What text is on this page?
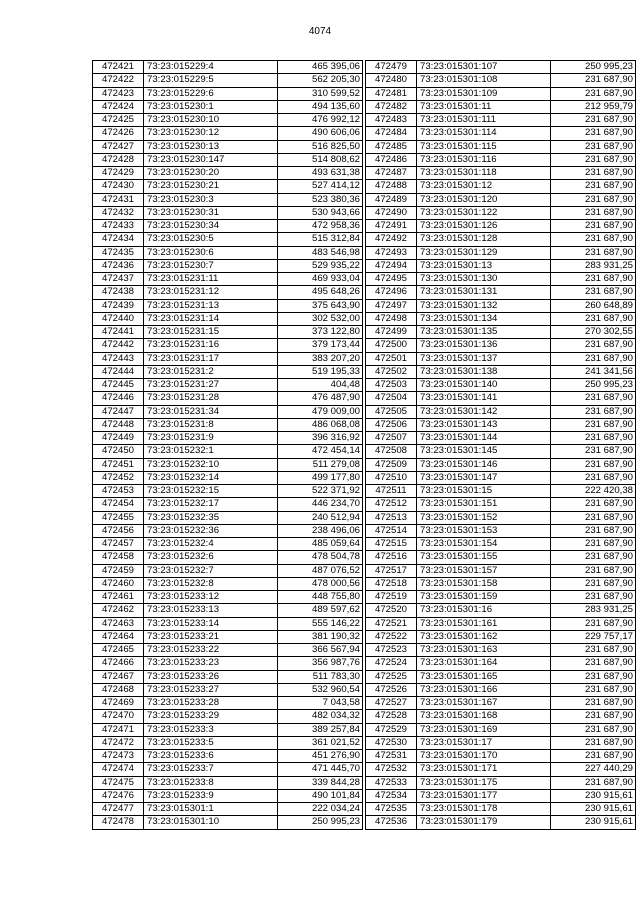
4074
472421	73:23:015229:4	465 395,06
472422	73:23:015229:5	562 205,30
472423	73:23:015229:6	310 599,52
472424	73:23:015230:1	494 135,60
472425	73:23:015230:10	476 992,12
472426	73:23:015230:12	490 606,06
472427	73:23:015230:13	516 825,50
472428	73:23:015230:147	514 808,62
472429	73:23:015230:20	493 631,38
472430	73:23:015230:21	527 414,12
472431	73:23:015230:3	523 380,36
472432	73:23:015230:31	530 943,66
472433	73:23:015230:34	472 958,36
472434	73:23:015230:5	515 312,84
472435	73:23:015230:6	483 546,98
472436	73:23:015230:7	529 935,22
472437	73:23:015231:11	469 933,04
472438	73:23:015231:12	495 648,26
472439	73:23:015231:13	375 643,90
472440	73:23:015231:14	302 532,00
472441	73:23:015231:15	373 122,80
472442	73:23:015231:16	379 173,44
472443	73:23:015231:17	383 207,20
472444	73:23:015231:2	519 195,33
472445	73:23:015231:27	404,48
472446	73:23:015231:28	476 487,90
472447	73:23:015231:34	479 009,00
472448	73:23:015231:8	486 068,08
472449	73:23:015231:9	396 316,92
472450	73:23:015232:1	472 454,14
472451	73:23:015232:10	511 279,08
472452	73:23:015232:14	499 177,80
472453	73:23:015232:15	522 371,92
472454	73:23:015232:17	446 234,70
472455	73:23:015232:35	240 512,94
472456	73:23:015232:36	238 496,06
472457	73:23:015232:4	485 059,64
472458	73:23:015232:6	478 504,78
472459	73:23:015232:7	487 076,52
472460	73:23:015232:8	478 000,56
472461	73:23:015233:12	448 755,80
472462	73:23:015233:13	489 597,62
472463	73:23:015233:14	555 146,22
472464	73:23:015233:21	381 190,32
472465	73:23:015233:22	366 567,94
472466	73:23:015233:23	356 987,76
472467	73:23:015233:26	511 783,30
472468	73:23:015233:27	532 960,54
472469	73:23:015233:28	7 043,58
472470	73:23:015233:29	482 034,32
472471	73:23:015233:3	389 257,84
472472	73:23:015233:5	361 021,52
472473	73:23:015233:6	451 276,90
472474	73:23:015233:7	471 445,70
472475	73:23:015233:8	339 844,28
472476	73:23:015233:9	490 101,84
472477	73:23:015301:1	222 034,24
472478	73:23:015301:10	250 995,23
472479	73:23:015301:107	250 995,23
472480	73:23:015301:108	231 687,90
472481	73:23:015301:109	231 687,90
472482	73:23:015301:11	212 959,79
472483	73:23:015301:111	231 687,90
472484	73:23:015301:114	231 687,90
472485	73:23:015301:115	231 687,90
472486	73:23:015301:116	231 687,90
472487	73:23:015301:118	231 687,90
472488	73:23:015301:12	231 687,90
472489	73:23:015301:120	231 687,90
472490	73:23:015301:122	231 687,90
472491	73:23:015301:126	231 687,90
472492	73:23:015301:128	231 687,90
472493	73:23:015301:129	231 687,90
472494	73:23:015301:13	283 931,25
472495	73:23:015301:130	231 687,90
472496	73:23:015301:131	231 687,90
472497	73:23:015301:132	260 648,89
472498	73:23:015301:134	231 687,90
472499	73:23:015301:135	270 302,55
472500	73:23:015301:136	231 687,90
472501	73:23:015301:137	231 687,90
472502	73:23:015301:138	241 341,56
472503	73:23:015301:140	250 995,23
472504	73:23:015301:141	231 687,90
472505	73:23:015301:142	231 687,90
472506	73:23:015301:143	231 687,90
472507	73:23:015301:144	231 687,90
472508	73:23:015301:145	231 687,90
472509	73:23:015301:146	231 687,90
472510	73:23:015301:147	231 687,90
472511	73:23:015301:15	222 420,38
472512	73:23:015301:151	231 687,90
472513	73:23:015301:152	231 687,90
472514	73:23:015301:153	231 687,90
472515	73:23:015301:154	231 687,90
472516	73:23:015301:155	231 687,90
472517	73:23:015301:157	231 687,90
472518	73:23:015301:158	231 687,90
472519	73:23:015301:159	231 687,90
472520	73:23:015301:16	283 931,25
472521	73:23:015301:161	231 687,90
472522	73:23:015301:162	229 757,17
472523	73:23:015301:163	231 687,90
472524	73:23:015301:164	231 687,90
472525	73:23:015301:165	231 687,90
472526	73:23:015301:166	231 687,90
472527	73:23:015301:167	231 687,90
472528	73:23:015301:168	231 687,90
472529	73:23:015301:169	231 687,90
472530	73:23:015301:17	231 687,90
472531	73:23:015301:170	231 687,90
472532	73:23:015301:171	227 440,29
472533	73:23:015301:175	231 687,90
472534	73:23:015301:177	230 915,61
472535	73:23:015301:178	230 915,61
472536	73:23:015301:179	230 915,61
